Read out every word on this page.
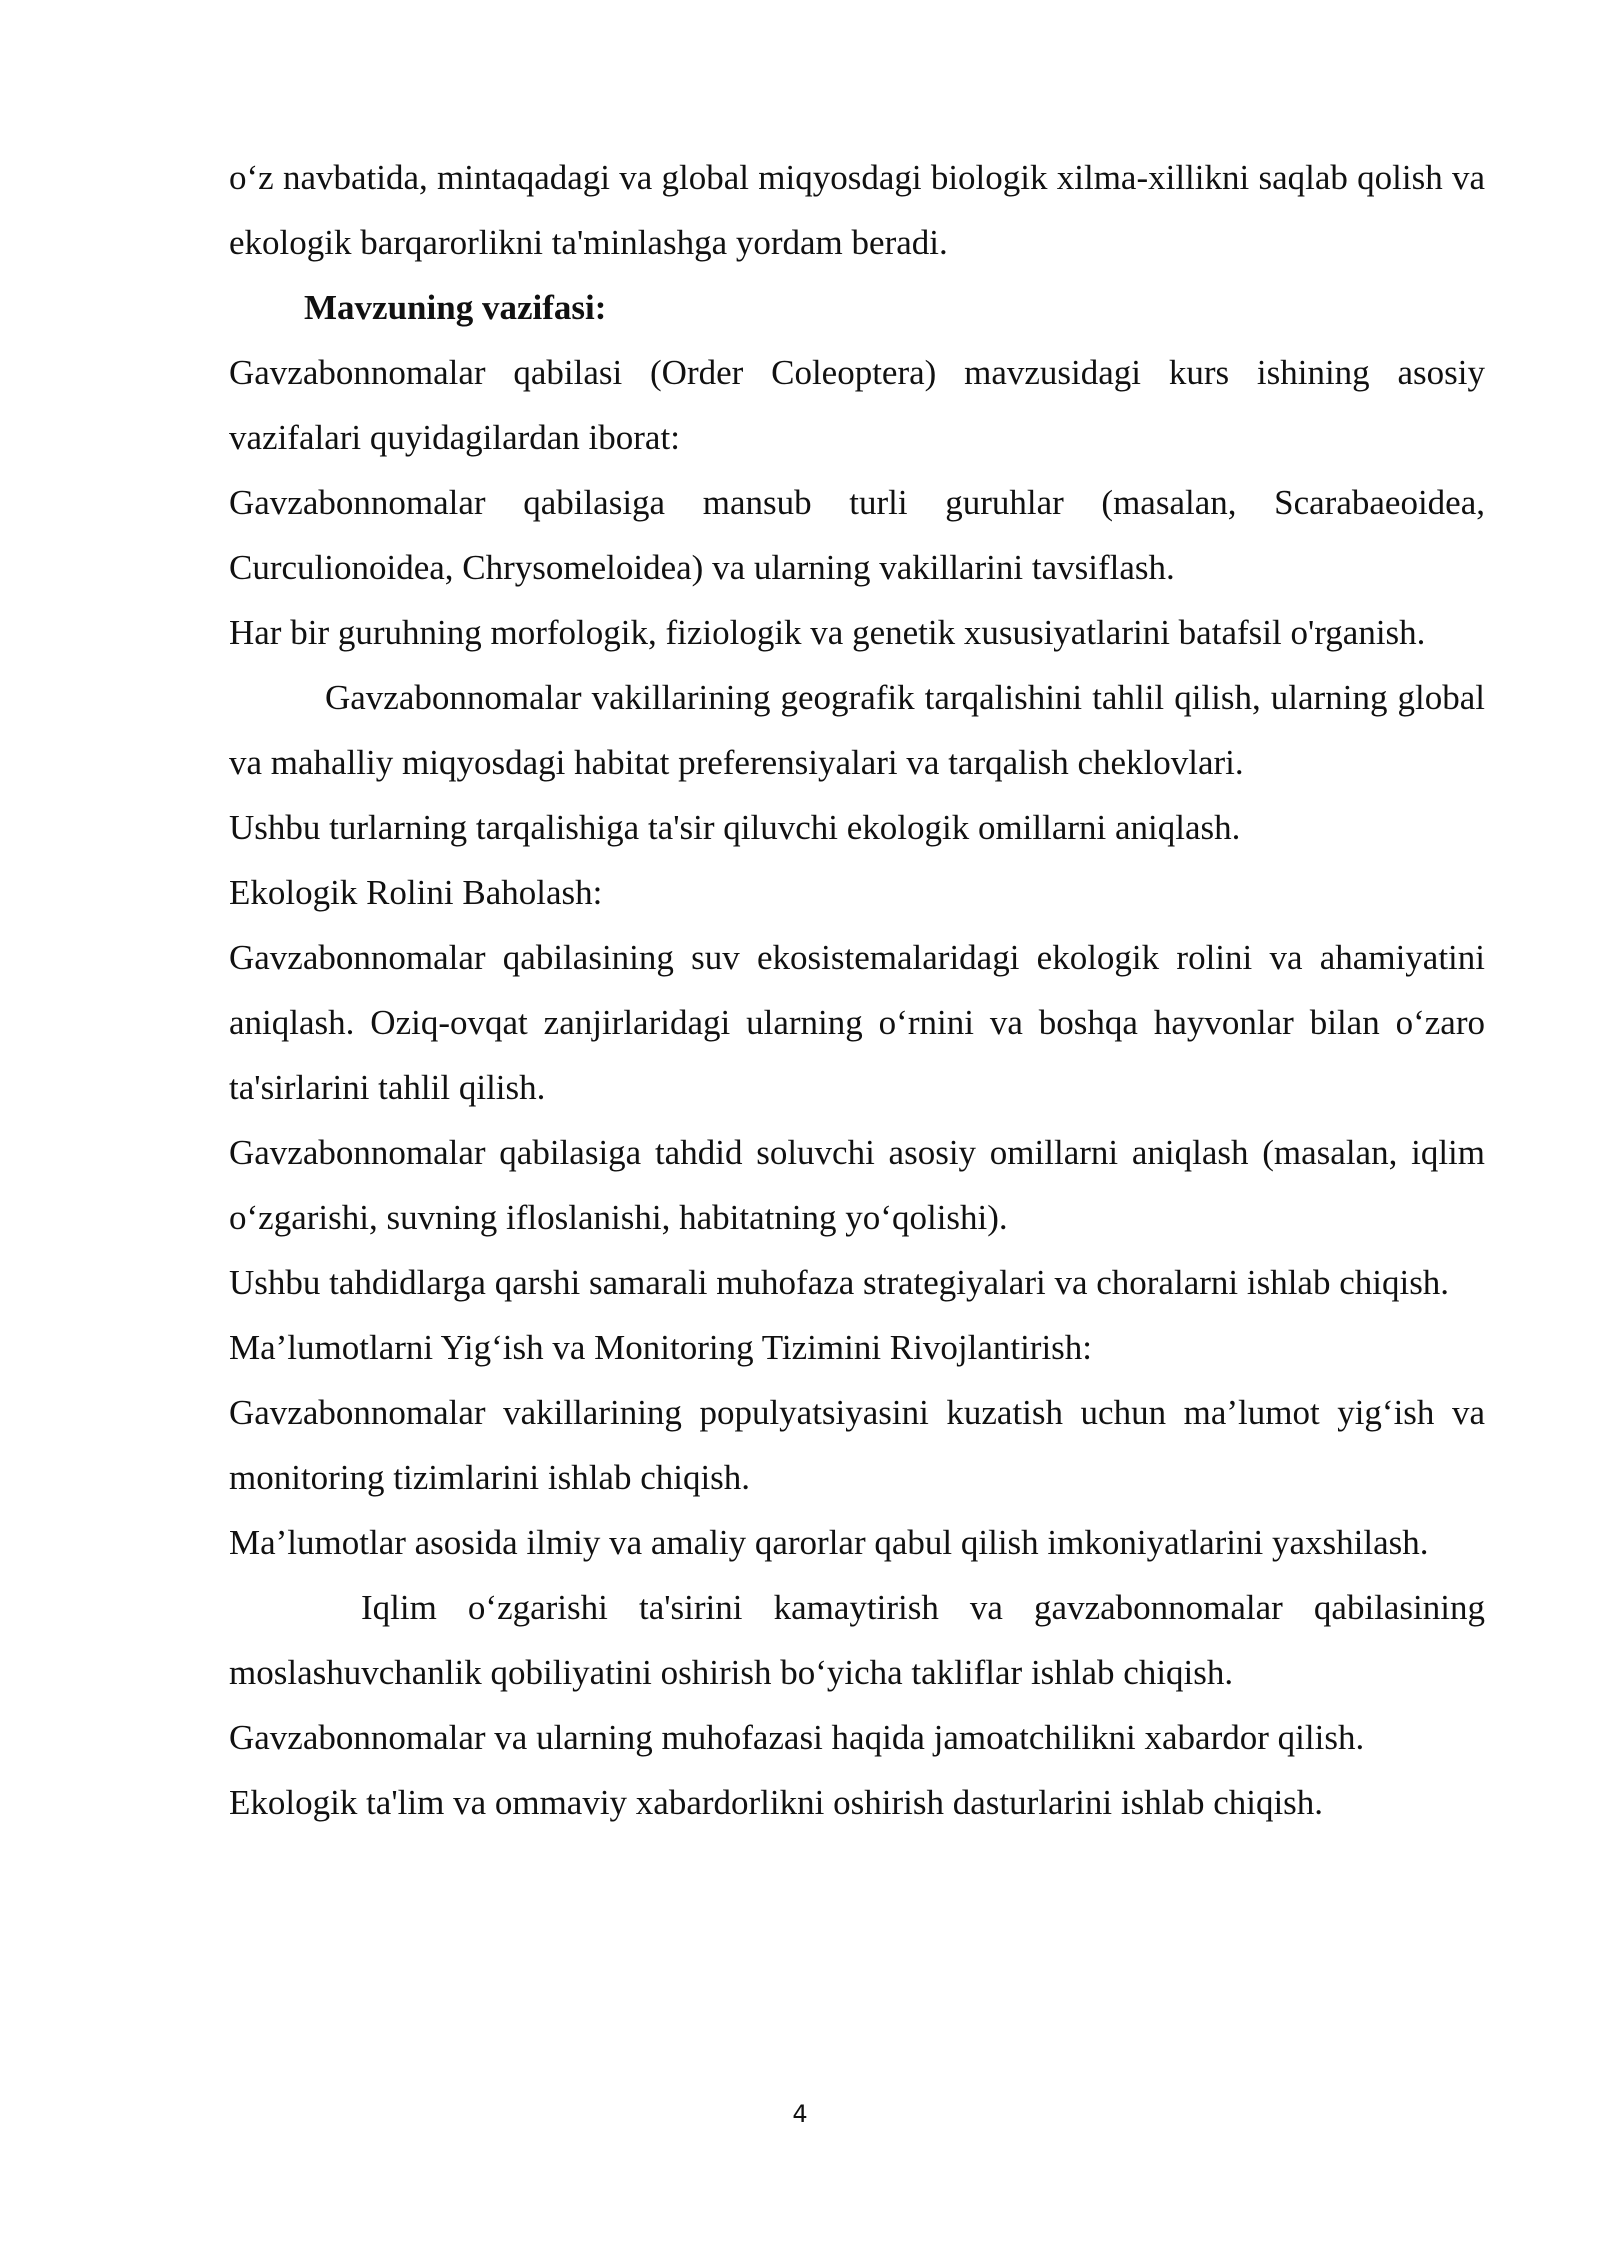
o‘z navbatida, mintaqadagi va global miqyosdagi biologik xilma-xillikni saqlab qolish va ekologik barqarorlikni ta'minlashga yordam beradi.

Mavzuning vazifasi:

Gavzabonnomalar qabilasi (Order Coleoptera) mavzusidagi kurs ishining asosiy vazifalari quyidagilardan iborat:

Gavzabonnomalar qabilasiga mansub turli guruhlar (masalan, Scarabaeoidea, Curculionoidea, Chrysomeloidea) va ularning vakillarini tavsiflash.

Har bir guruhning morfologik, fiziologik va genetik xususiyatlarini batafsil o'rganish.

Gavzabonnomalar vakillarining geografik tarqalishini tahlil qilish, ularning global va mahalliy miqyosdagi habitat preferensiyalari va tarqalish cheklovlari.

Ushbu turlarning tarqalishiga ta'sir qiluvchi ekologik omillarni aniqlash.

Ekologik Rolini Baholash:

Gavzabonnomalar qabilasining suv ekosistemalaridagi ekologik rolini va ahamiyatini aniqlash. Oziq-ovqat zanjirlaridagi ularning o‘rnini va boshqa hayvonlar bilan o‘zaro ta'sirlarini tahlil qilish.

Gavzabonnomalar qabilasiga tahdid soluvchi asosiy omillarni aniqlash (masalan, iqlim o‘zgarishi, suvning ifloslanishi, habitatning yo‘qolishi).

Ushbu tahdidlarga qarshi samarali muhofaza strategiyalari va choralarni ishlab chiqish.

Ma’lumotlarni Yig‘ish va Monitoring Tizimini Rivojlantirish:

Gavzabonnomalar vakillarining populyatsiyasini kuzatish uchun ma’lumot yig‘ish va monitoring tizimlarini ishlab chiqish.

Ma’lumotlar asosida ilmiy va amaliy qarorlar qabul qilish imkoniyatlarini yaxshilash.

Iqlim o‘zgarishi ta'sirini kamaytirish va gavzabonnomalar qabilasining moslashuvchanlik qobiliyatini oshirish bo‘yicha takliflar ishlab chiqish.

Gavzabonnomalar va ularning muhofazasi haqida jamoatchilikni xabardor qilish.

Ekologik ta'lim va ommaviy xabardorlikni oshirish dasturlarini ishlab chiqish.

4
